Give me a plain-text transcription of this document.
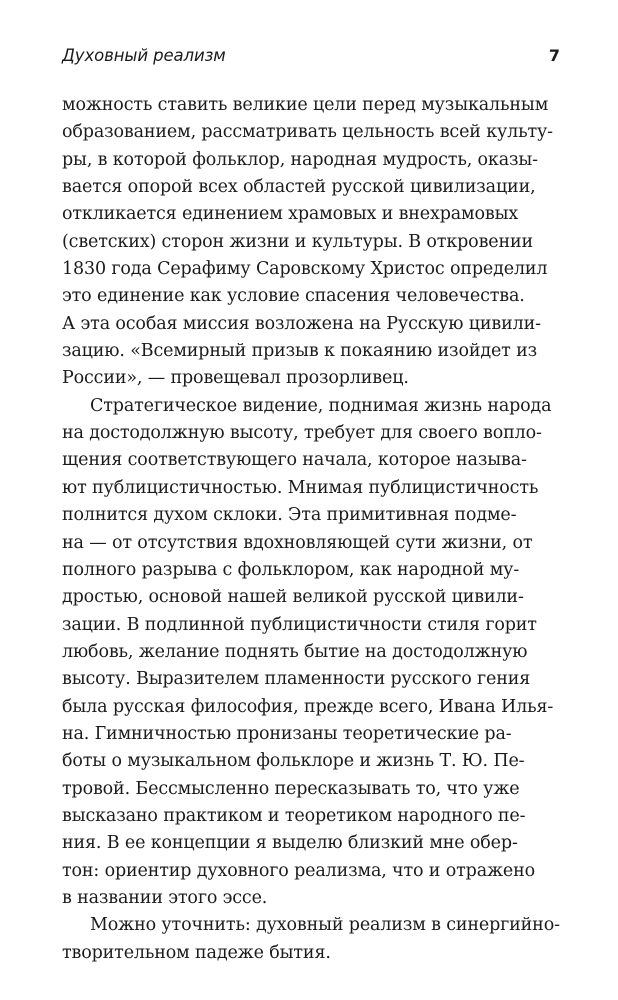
Духовный реализм	7

можность ставить великие цели перед музыкальным
образованием, рассматривать цельность всей культу-
ры, в которой фольклор, народная мудрость, оказы-
вается опорой всех областей русской цивилизации,
откликается единением храмовых и внехрамовых
(светских) сторон жизни и культуры. В откровении
1830 года Серафиму Саровскому Христос определил
это единение как условие спасения человечества.
А эта особая миссия возложена на Русскую цивили-
зацию. «Всемирный призыв к покаянию изойдет из
России», — провещевал прозорливец.

Стратегическое видение, поднимая жизнь народа
на достодолжную высоту, требует для своего вопло-
щения соответствующего начала, которое называ-
ют публицистичностью. Мнимая публицистичность
полнится духом склоки. Эта примитивная подме-
на — от отсутствия вдохновляющей сути жизни, от
полного разрыва с фольклором, как народной му-
дростью, основой нашей великой русской цивили-
зации. В подлинной публицистичности стиля горит
любовь, желание поднять бытие на достодолжную
высоту. Выразителем пламенности русского гения
была русская философия, прежде всего, Ивана Илья-
на. Гимничностью пронизаны теоретические ра-
боты о музыкальном фольклоре и жизнь Т. Ю. Пе-
тровой. Бессмысленно пересказывать то, что уже
высказано практиком и теоретиком народного пе-
ния. В ее концепции я выделю близкий мне обер-
тон: ориентир духовного реализма, что и отражено
в названии этого эссе.

Можно уточнить: духовный реализм в синергийно-
творительном падеже бытия.
